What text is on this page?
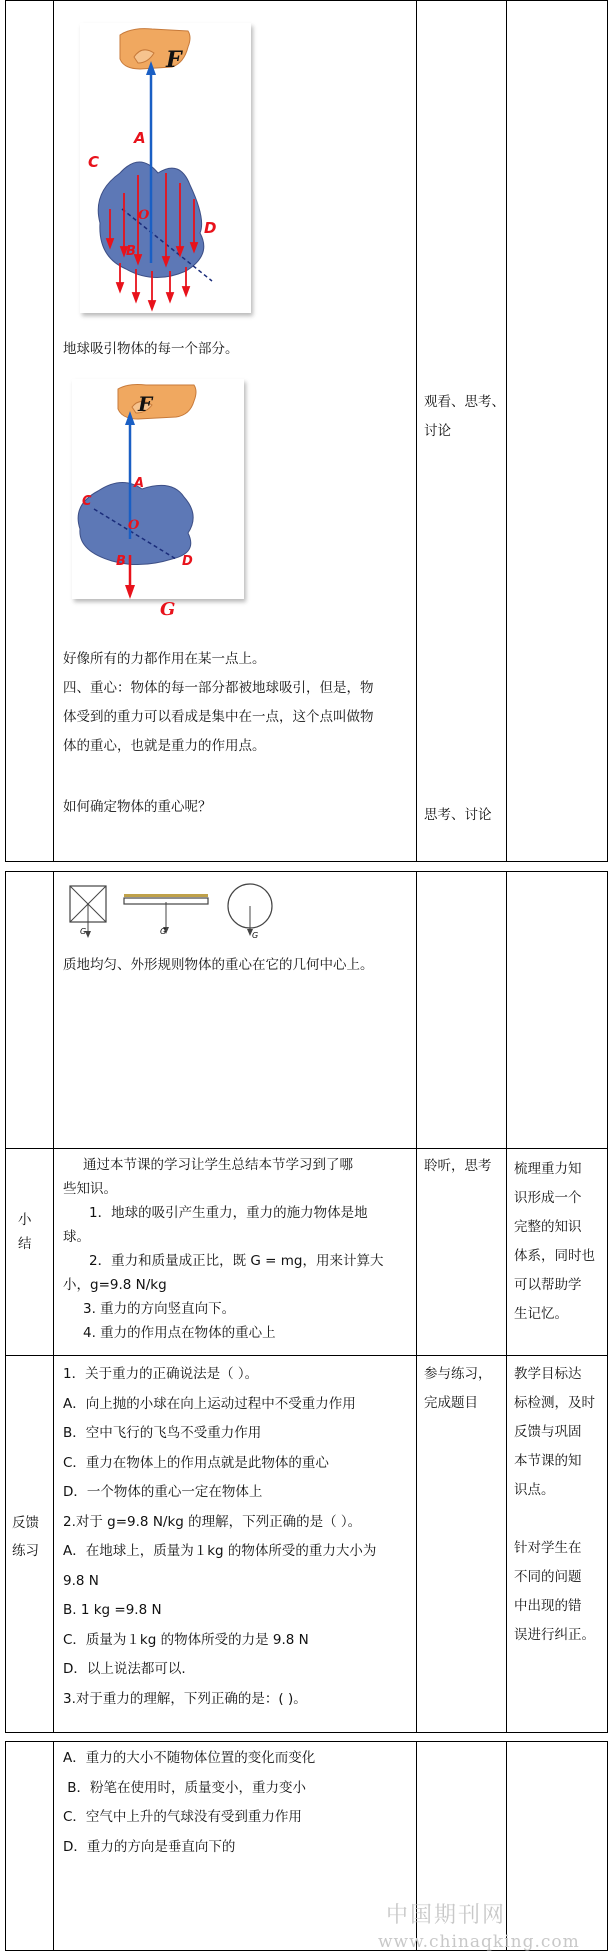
O
F
A
C
D
B
地球吸引物体的每一个部分。
O
F
A
C
D
B
G
好像所有的力都作用在某一点上。
四、重心：物体的每一部分都被地球吸引，但是，物
体受到的重力可以看成是集中在一点，这个点叫做物
体的重心，也就是重力的作用点。
如何确定物体的重心呢？
观看、思考、
讨论
思考、讨论
G	G	G
质地均匀、外形规则物体的重心在它的几何中心上。
小
结
通过本节课的学习让学生总结本节学习到了哪
些知识。
1．地球的吸引产生重力，重力的施力物体是地
球。
2．重力和质量成正比，既 G = mg，用来计算大
小，g=9.8 N/kg
3. 重力的方向竖直向下。
4. 重力的作用点在物体的重心上
聆听，思考 梳理重力知
识形成一个
完整的知识
体系，同时也
可以帮助学
生记忆。
反馈
练习
1．关于重力的正确说法是（ ）。
A．向上抛的小球在向上运动过程中不受重力作用
B．空中飞行的飞鸟不受重力作用
C．重力在物体上的作用点就是此物体的重心
D．一个物体的重心一定在物体上
2.对于 g=9.8 N/kg 的理解，下列正确的是（ ）。
A．在地球上，质量为１kg 的物体所受的重力大小为
9.8 N
B. 1 kg =9.8 N
C．质量为１kg 的物体所受的力是 9.8 N
D．以上说法都可以.
3.对于重力的理解，下列正确的是：( )。
参与练习，
完成题目
教学目标达
标检测，及时
反馈与巩固
本节课的知
识点。
针对学生在
不同的问题
中出现的错
误进行纠正。
A．重力的大小不随物体位置的变化而变化
B．粉笔在使用时，质量变小，重力变小
C．空气中上升的气球没有受到重力作用
D．重力的方向是垂直向下的
中国期刊网
www.chinaqking.com
